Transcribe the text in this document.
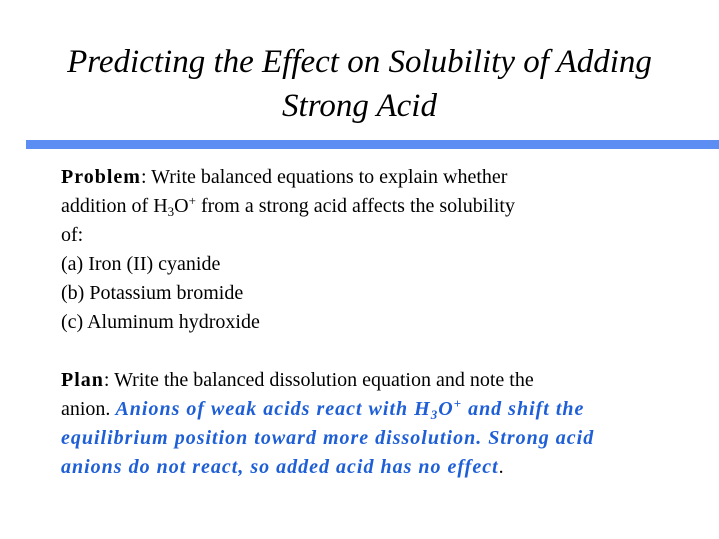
Predicting the Effect on Solubility of Adding
Strong Acid

Problem: Write balanced equations to explain whether

addition of $H_3O^+$ from a strong acid affects the solubility

of:

(a) Iron (II) cyanide

(b) Potassium bromide

(c) Aluminum hydroxide

Plan: Write the balanced dissolution equation and note the

anion. Anions of weak acids react with $H_3O^+$ and shift the

equilibrium position toward more dissolution. Strong acid

anions do not react, so added acid has no effect.
